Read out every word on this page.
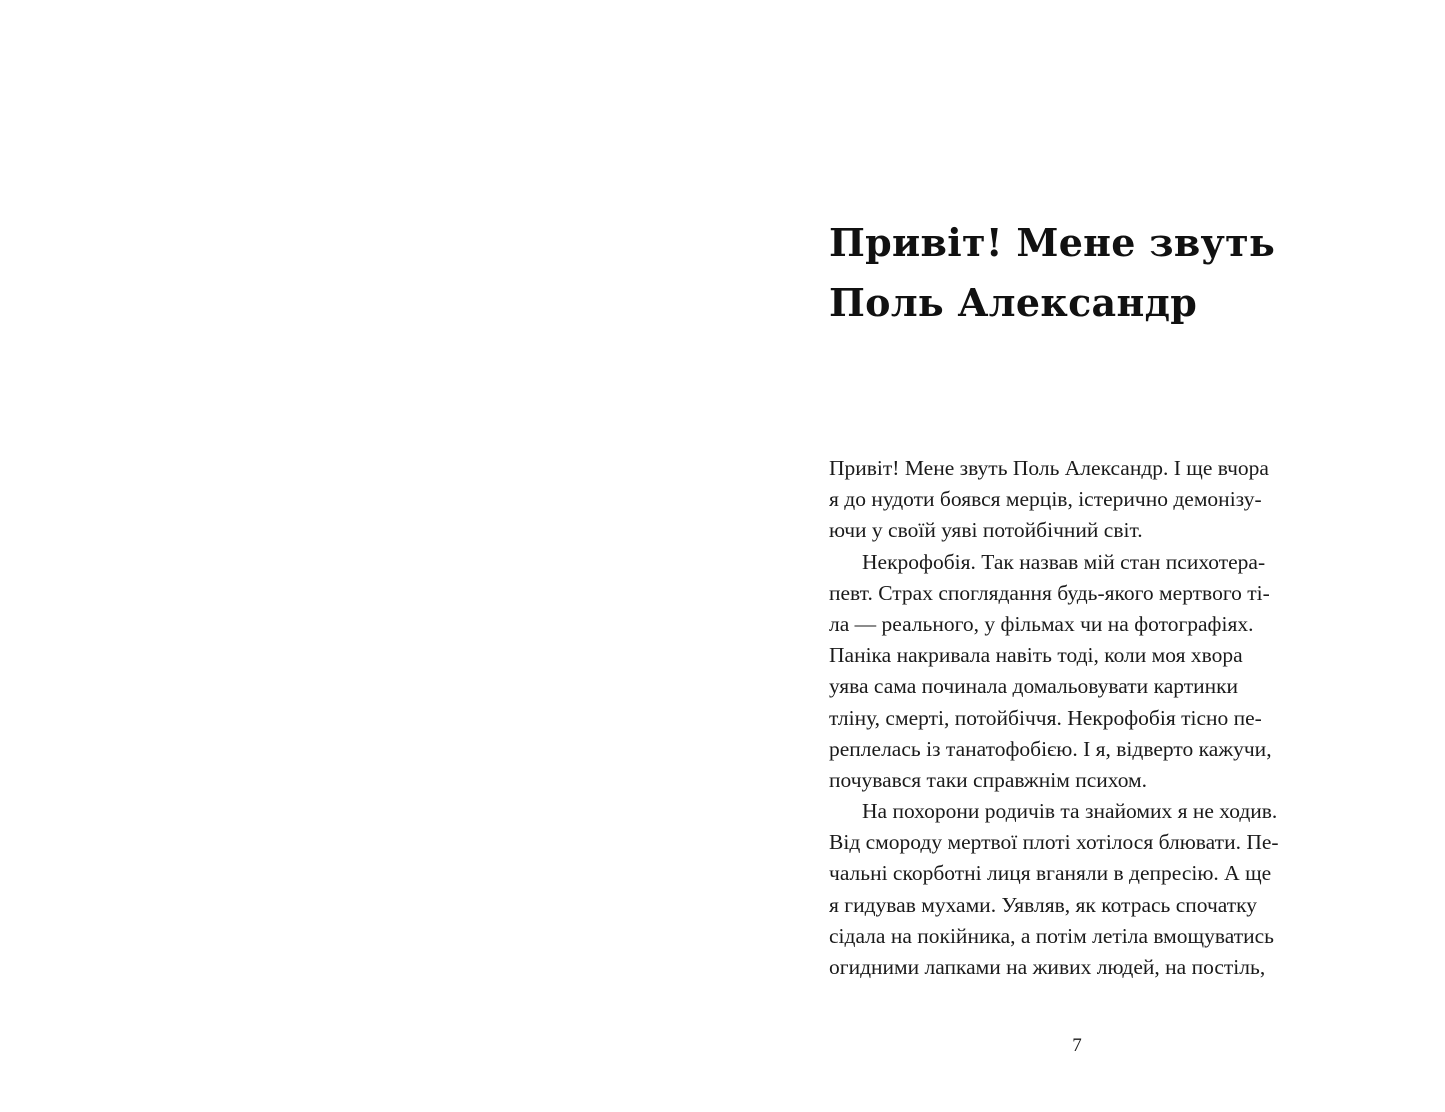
Привіт! Мене звуть
Поль Александр
Привіт! Мене звуть Поль Александр. І ще вчора
я до нудоти боявся мерців, істерично демонізу-
ючи у своїй уяві потойбічний світ.
Некрофобія. Так назвав мій стан психотера-
певт. Страх споглядання будь-якого мертвого ті-
ла — реального, у фільмах чи на фотографіях.
Паніка накривала навіть тоді, коли моя хвора
уява сама починала домальовувати картинки
тліну, смерті, потойбіччя. Некрофобія тісно пе-
реплелась із танатофобією. І я, відверто кажучи,
почувався таки справжнім психом.
На похорони родичів та знайомих я не ходив.
Від смороду мертвої плоті хотілося блювати. Пе-
чальні скорботні лиця вганяли в депресію. А ще
я гидував мухами. Уявляв, як котрась спочатку
сідала на покійника, а потім летіла вмощуватись
огидними лапками на живих людей, на постіль,
7
